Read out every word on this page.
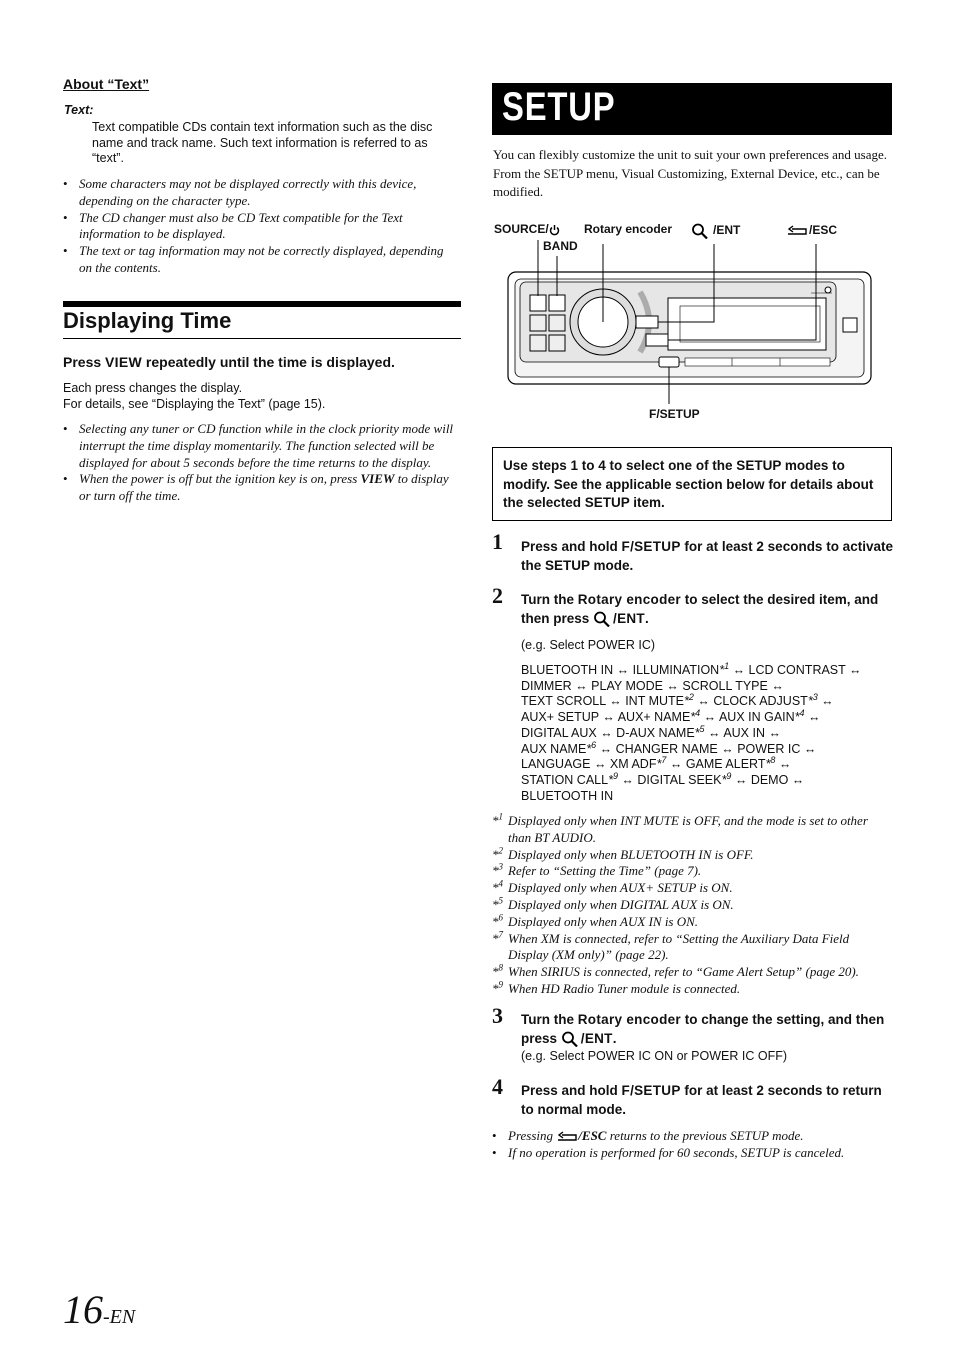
About “Text”
Text:
Text compatible CDs contain text information such as the disc name and track name. Such text information is referred to as “text”.
• Some characters may not be displayed correctly with this device, depending on the character type.
• The CD changer must also be CD Text compatible for the Text information to be displayed.
• The text or tag information may not be correctly displayed, depending on the contents.
Displaying Time
Press VIEW repeatedly until the time is displayed.
Each press changes the display.
For details, see “Displaying the Text” (page 15).
• Selecting any tuner or CD function while in the clock priority mode will interrupt the time display momentarily. The function selected will be displayed for about 5 seconds before the time returns to the display.
• When the power is off but the ignition key is on, press VIEW to display or turn off the time.
SETUP
You can flexibly customize the unit to suit your own preferences and usage. From the SETUP menu, Visual Customizing, External Device, etc., can be modified.
SOURCE/
BAND
Rotary encoder	/ENT	/ESC
F/SETUP
Use steps 1 to 4 to select one of the SETUP modes to modify. See the applicable section below for details about the selected SETUP item.
1 Press and hold F/SETUP for at least 2 seconds to activate the SETUP mode.
2 Turn the Rotary encoder to select the desired item, and then press /ENT.
(e.g. Select POWER IC)
BLUETOOTH IN ↔ ILLUMINATION*$^1$ ↔ LCD CONTRAST ↔
DIMMER ↔ PLAY MODE ↔ SCROLL TYPE ↔
TEXT SCROLL ↔ INT MUTE*$^2$ ↔ CLOCK ADJUST*$^3$ ↔
AUX+ SETUP ↔ AUX+ NAME*$^4$ ↔ AUX IN GAIN*$^4$ ↔
DIGITAL AUX ↔ D-AUX NAME*$^5$ ↔ AUX IN ↔
AUX NAME*$^6$ ↔ CHANGER NAME ↔ POWER IC ↔
LANGUAGE ↔ XM ADF*$^7$ ↔ GAME ALERT*$^8$ ↔
STATION CALL*$^9$ ↔ DIGITAL SEEK*$^9$ ↔ DEMO ↔
BLUETOOTH IN
*$^1$ Displayed only when INT MUTE is OFF, and the mode is set to other than BT AUDIO.
*$^2$ Displayed only when BLUETOOTH IN is OFF.
*$^3$ Refer to “Setting the Time” (page 7).
*$^4$ Displayed only when AUX+ SETUP is ON.
*$^5$ Displayed only when DIGITAL AUX is ON.
*$^6$ Displayed only when AUX IN is ON.
*$^7$ When XM is connected, refer to “Setting the Auxiliary Data Field Display (XM only)” (page 22).
*$^8$ When SIRIUS is connected, refer to “Game Alert Setup” (page 20).
*$^9$ When HD Radio Tuner module is connected.
3 Turn the Rotary encoder to change the setting, and then press /ENT.
(e.g. Select POWER IC ON or POWER IC OFF)
4 Press and hold F/SETUP for at least 2 seconds to return to normal mode.
• Pressing /ESC returns to the previous SETUP mode.
• If no operation is performed for 60 seconds, SETUP is canceled.
16-EN
